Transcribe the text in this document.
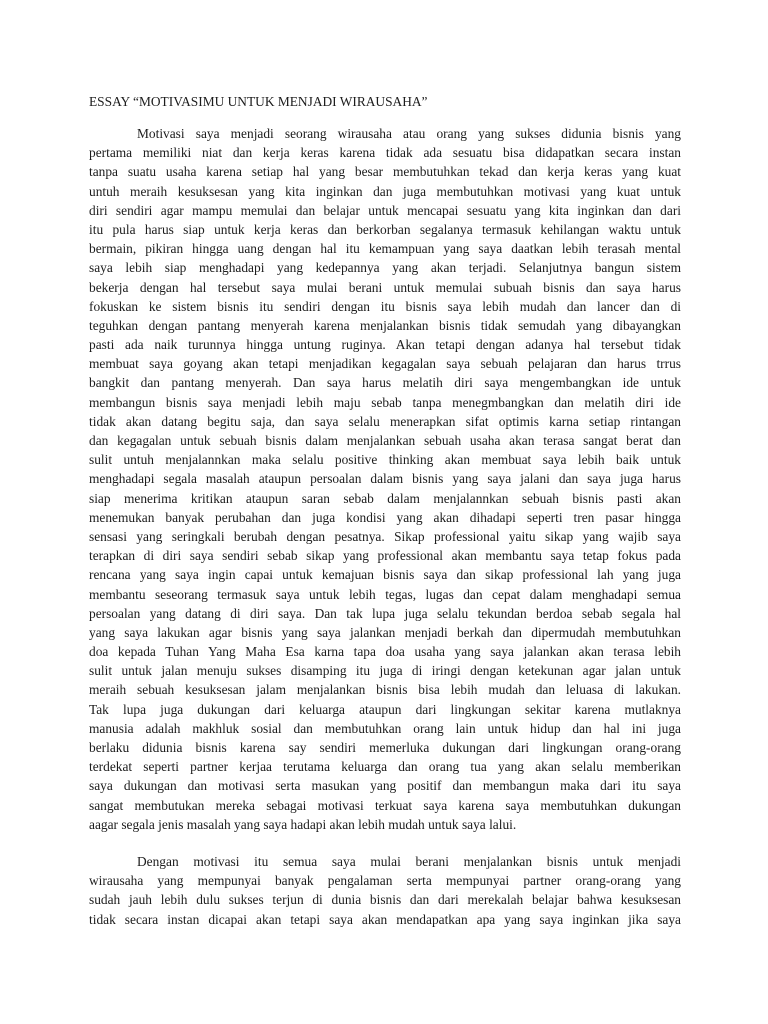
ESSAY “MOTIVASIMU UNTUK MENJADI WIRAUSAHA”
Motivasi saya menjadi seorang wirausaha atau orang yang sukses didunia bisnis yang
pertama memiliki niat dan kerja keras karena tidak ada sesuatu bisa didapatkan secara instan
tanpa suatu usaha karena setiap hal yang besar membutuhkan tekad dan kerja keras yang kuat
untuh meraih kesuksesan yang kita inginkan dan juga membutuhkan motivasi yang kuat untuk
diri sendiri agar mampu memulai dan belajar untuk mencapai sesuatu yang kita inginkan dan dari
itu pula harus siap untuk kerja keras dan berkorban segalanya termasuk kehilangan waktu untuk
bermain, pikiran hingga uang dengan hal itu kemampuan yang saya daatkan lebih terasah mental
saya lebih siap menghadapi yang kedepannya yang akan terjadi. Selanjutnya bangun sistem
bekerja dengan hal tersebut saya mulai berani untuk memulai subuah bisnis dan saya harus
fokuskan ke sistem bisnis itu sendiri dengan itu bisnis saya lebih mudah dan lancer dan di
teguhkan dengan pantang menyerah karena menjalankan bisnis tidak semudah yang dibayangkan
pasti ada naik turunnya hingga untung ruginya. Akan tetapi dengan adanya hal tersebut tidak
membuat saya goyang akan tetapi menjadikan kegagalan saya sebuah pelajaran dan harus trrus
bangkit dan pantang menyerah. Dan saya harus melatih diri saya mengembangkan ide untuk
membangun bisnis saya menjadi lebih maju sebab tanpa menegmbangkan dan melatih diri ide
tidak akan datang begitu saja, dan saya selalu menerapkan sifat optimis karna setiap rintangan
dan kegagalan untuk sebuah bisnis dalam menjalankan sebuah usaha akan terasa sangat berat dan
sulit untuh menjalannkan maka selalu positive thinking akan membuat saya lebih baik untuk
menghadapi segala masalah ataupun persoalan dalam bisnis yang saya jalani dan saya juga harus
siap menerima kritikan ataupun saran sebab dalam menjalannkan sebuah bisnis pasti akan
menemukan banyak perubahan dan juga kondisi yang akan dihadapi seperti tren pasar hingga
sensasi yang seringkali berubah dengan pesatnya. Sikap professional yaitu sikap yang wajib saya
terapkan di diri saya sendiri sebab sikap yang professional akan membantu saya tetap fokus pada
rencana yang saya ingin capai untuk kemajuan bisnis saya dan sikap professional lah yang juga
membantu seseorang termasuk saya untuk lebih tegas, lugas dan cepat dalam menghadapi semua
persoalan yang datang di diri saya. Dan tak lupa juga selalu tekundan berdoa sebab segala hal
yang saya lakukan agar bisnis yang saya jalankan menjadi berkah dan dipermudah membutuhkan
doa kepada Tuhan Yang Maha Esa karna tapa doa usaha yang saya jalankan akan terasa lebih
sulit untuk jalan menuju sukses disamping itu juga di iringi dengan ketekunan agar jalan untuk
meraih sebuah kesuksesan jalam menjalankan bisnis bisa lebih mudah dan leluasa di lakukan.
Tak lupa juga dukungan dari keluarga ataupun dari lingkungan sekitar karena mutlaknya
manusia adalah makhluk sosial dan membutuhkan orang lain untuk hidup dan hal ini juga
berlaku didunia bisnis karena say sendiri memerluka dukungan dari lingkungan orang-orang
terdekat seperti partner kerjaa terutama keluarga dan orang tua yang akan selalu memberikan
saya dukungan dan motivasi serta masukan yang positif dan membangun maka dari itu saya
sangat membutukan mereka sebagai motivasi terkuat saya karena saya membutuhkan dukungan
aagar segala jenis masalah yang saya hadapi akan lebih mudah untuk saya lalui.
Dengan motivasi itu semua saya mulai berani menjalankan bisnis untuk menjadi
wirausaha yang mempunyai banyak pengalaman serta mempunyai partner orang-orang yang
sudah jauh lebih dulu sukses terjun di dunia bisnis dan dari merekalah belajar bahwa kesuksesan
tidak secara instan dicapai akan tetapi saya akan mendapatkan apa yang saya inginkan jika saya
